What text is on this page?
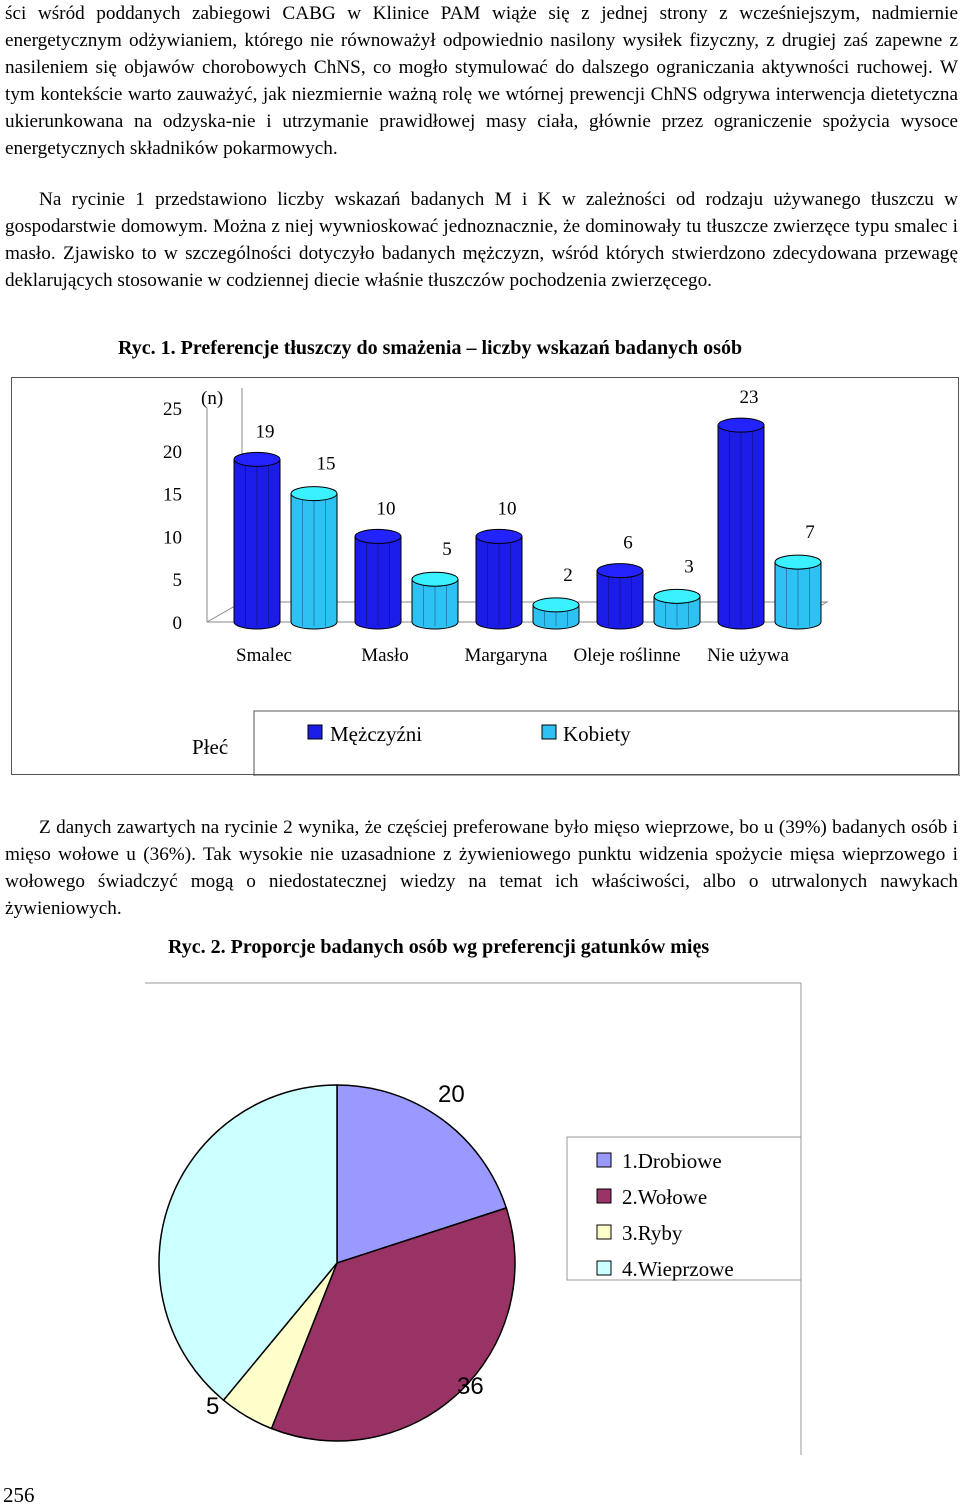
ści wśród poddanych zabiegowi CABG w Klinice PAM wiąże się z jednej strony z wcześniejszym, nadmiernie energetycznym odżywianiem, którego nie równoważył odpowiednio nasilony wysiłek fizyczny, z drugiej zaś zapewne z nasileniem się objawów chorobowych ChNS, co mogło stymulować do dalszego ograniczania aktywności ruchowej. W tym kontekście warto zauważyć, jak niezmiernie ważną rolę we wtórnej prewencji ChNS odgrywa interwencja dietetyczna ukierunkowana na odzyska-nie i utrzymanie prawidłowej masy ciała, głównie przez ograniczenie spożycia wysoce energetycznych składników pokarmowych.

Na rycinie 1 przedstawiono liczby wskazań badanych M i K w zależności od rodzaju używanego tłuszczu w gospodarstwie domowym. Można z niej wywnioskować jednoznacznie, że dominowały tu tłuszcze zwierzęce typu smalec i masło. Zjawisko to w szczególności dotyczyło badanych mężczyzn, wśród których stwierdzono zdecydowana przewagę deklarujących stosowanie w codziennej diecie właśnie tłuszczów pochodzenia zwierzęcego.

Ryc. 1. Preferencje tłuszczy do smażenia – liczby wskazań badanych osób

(n)
0
5
10
15
20
25
19
15
10
5
10
2
6
3
23
7
Smalec	Masło	Margaryna Oleje roślinne Nie używa
Płeć
Mężczyźni	Kobiety

Z danych zawartych na rycinie 2 wynika, że częściej preferowane było mięso wieprzowe, bo u (39%) badanych osób i mięso wołowe u (36%). Tak wysokie nie uzasadnione z żywieniowego punktu widzenia spożycie mięsa wieprzowego i wołowego świadczyć mogą o niedostatecznej wiedzy na temat ich właściwości, albo o utrwalonych nawykach żywieniowych.

Ryc. 2. Proporcje badanych osób wg preferencji gatunków mięs

20
36
5
1.Drobiowe
2.Wołowe
3.Ryby
4.Wieprzowe

256
